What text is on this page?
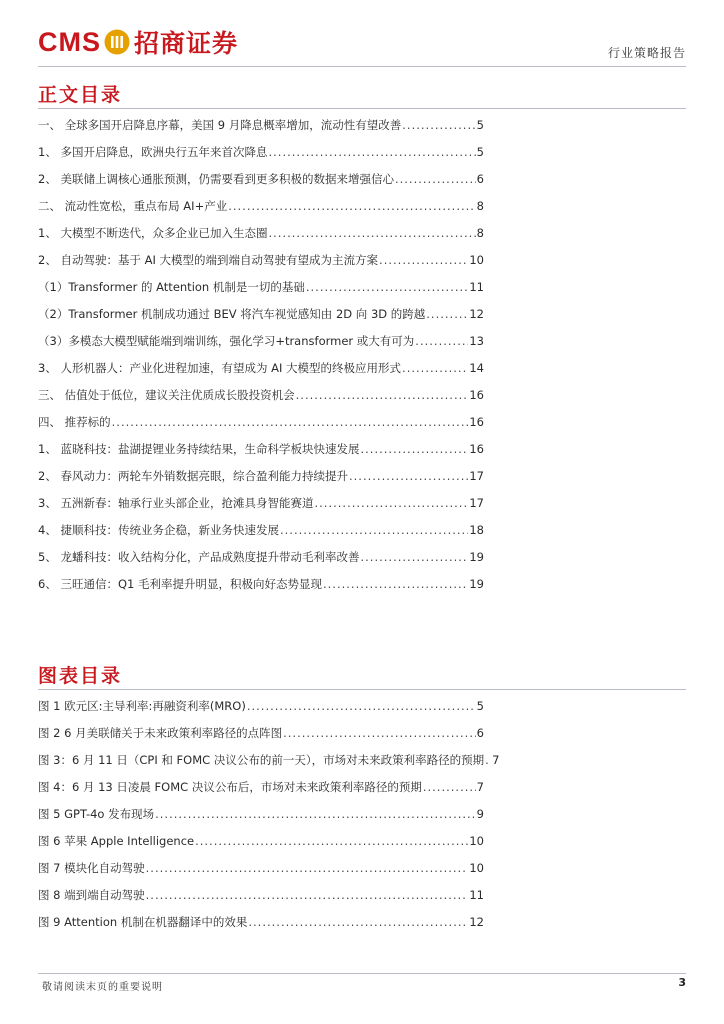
CMS 招商证券	行业策略报告
正文目录
一、 全球多国开启降息序幕，美国 9 月降息概率增加，流动性有望改善 .....	5
1、 多国开启降息，欧洲央行五年来首次降息 .....	5
2、 美联储上调核心通胀预测，仍需要看到更多积极的数据来增强信心 .....	6
二、 流动性宽松，重点布局 AI+产业 .....	8
1、 大模型不断迭代，众多企业已加入生态圈 .....	8
2、 自动驾驶：基于 AI 大模型的端到端自动驾驶有望成为主流方案 .....	10
（1）Transformer 的 Attention 机制是一切的基础 .....	11
（2）Transformer 机制成功通过 BEV 将汽车视觉感知由 2D 向 3D 的跨越 .....	12
（3）多模态大模型赋能端到端训练，强化学习+transformer 或大有可为 .....	13
3、 人形机器人：产业化进程加速，有望成为 AI 大模型的终极应用形式 .....	14
三、 估值处于低位，建议关注优质成长股投资机会 .....	16
四、 推荐标的 .....	16
1、 蓝晓科技：盐湖提锂业务持续结果，生命科学板块快速发展 .....	16
2、 春风动力：两轮车外销数据亮眼，综合盈利能力持续提升 .....	17
3、 五洲新春：轴承行业头部企业，抢滩具身智能赛道 .....	17
4、 捷顺科技：传统业务企稳，新业务快速发展 .....	18
5、 龙蟠科技：收入结构分化，产品成熟度提升带动毛利率改善 .....	19
6、 三旺通信：Q1 毛利率提升明显，积极向好态势显现 .....	19
图表目录
图 1 欧元区:主导利率:再融资利率(MRO) .....	5
图 2 6 月美联储关于未来政策利率路径的点阵图 .....	6
图 3：6 月 11 日（CPI 和 FOMC 决议公布的前一天），市场对未来政策利率路径的预期 ..... 7
图 4：6 月 13 日凌晨 FOMC 决议公布后，市场对未来政策利率路径的预期 .....	7
图 5 GPT-4o 发布现场 .....	9
图 6 苹果 Apple Intelligence .....	10
图 7 模块化自动驾驶 .....	10
图 8 端到端自动驾驶 .....	11
图 9 Attention 机制在机器翻译中的效果 .....	12
敬请阅读末页的重要说明	3
